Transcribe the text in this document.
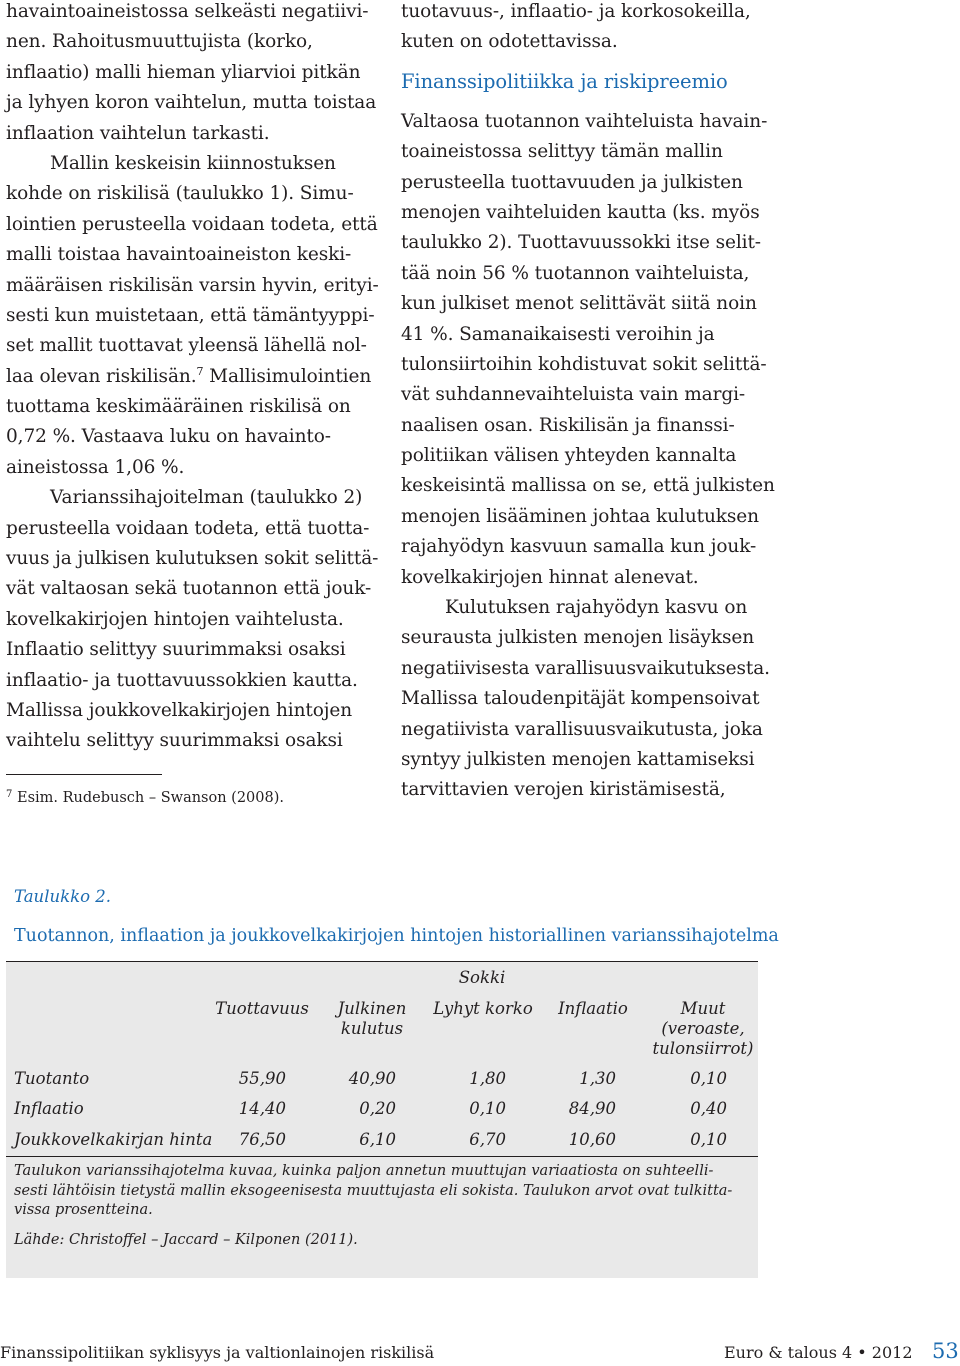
havaintoaineistossa selkeästi negatiivi-
nen. Rahoitusmuuttujista (korko,
inflaatio) malli hieman yliarvioi pitkän
ja lyhyen koron vaihtelun, mutta toistaa
inflaation vaihtelun tarkasti.
Mallin keskeisin kiinnostuksen
kohde on riskilisä (taulukko 1). Simu-
lointien perusteella voidaan todeta, että
malli toistaa havaintoaineiston keski-
määräisen riskilisän varsin hyvin, erityi-
sesti kun muistetaan, että tämäntyyppi-
set mallit tuottavat yleensä lähellä nol-
laa olevan riskilisän.$^7$ Mallisimulointien
tuottama keskimääräinen riskilisä on
0,72 %. Vastaava luku on havainto-
aineistossa 1,06 %.
Varianssihajoitelman (taulukko 2)
perusteella voidaan todeta, että tuotta-
vuus ja julkisen kulutuksen sokit selittä-
vät valtaosan sekä tuotannon että jouk-
kovelkakirjojen hintojen vaihtelusta.
Inflaatio selittyy suurimmaksi osaksi
inflaatio- ja tuottavuussokkien kautta.
Mallissa joukkovelkakirjojen hintojen
vaihtelu selittyy suurimmaksi osaksi
$^7$ Esim. Rudebusch – Swanson (2008).
tuotavuus-, inflaatio- ja korkosokeilla,
kuten on odotettavissa.
Finanssipolitiikka ja riskipreemio
Valtaosa tuotannon vaihteluista havain-
toaineistossa selittyy tämän mallin
perusteella tuottavuuden ja julkisten
menojen vaihteluiden kautta (ks. myös
taulukko 2). Tuottavuussokki itse selit-
tää noin 56 % tuotannon vaihteluista,
kun julkiset menot selittävät siitä noin
41 %. Samanaikaisesti veroihin ja
tulonsiirtoihin kohdistuvat sokit selittä-
vät suhdannevaihteluista vain margi-
naalisen osan. Riskilisän ja finanssi-
politiikan välisen yhteyden kannalta
keskeisintä mallissa on se, että julkisten
menojen lisääminen johtaa kulutuksen
rajahyödyn kasvuun samalla kun jouk-
kovelkakirjojen hinnat alenevat.
Kulutuksen rajahyödyn kasvu on
seurausta julkisten menojen lisäyksen
negatiivisesta varallisuusvaikutuksesta.
Mallissa taloudenpitäjät kompensoivat
negatiivista varallisuusvaikutusta, joka
syntyy julkisten menojen kattamiseksi
tarvittavien verojen kiristämisestä,
Taulukko 2.
Tuotannon, inflaation ja joukkovelkakirjojen hintojen historiallinen varianssihajotelma
Sokki
Tuottavuus	Julkinen
kulutus
Lyhyt korko	Inflaatio	Muut
(veroaste,
tulonsiirrot)
Tuotanto	55,90	40,90	1,80	1,30	0,10
Inflaatio	14,40	0,20	0,10	84,90	0,40
Joukkovelkakirjan hinta	76,50	6,10	6,70	10,60	0,10
Taulukon varianssihajotelma kuvaa, kuinka paljon annetun muuttujan variaatiosta on suhteelli-
sesti lähtöisin tietystä mallin eksogeenisesta muuttujasta eli sokista. Taulukon arvot ovat tulkitta-
vissa prosentteina.
Lähde: Christoffel – Jaccard – Kilponen (2011).
Finanssipolitiikan syklisyys ja valtionlainojen riskilisä	Euro & talous 4 • 2012 53
